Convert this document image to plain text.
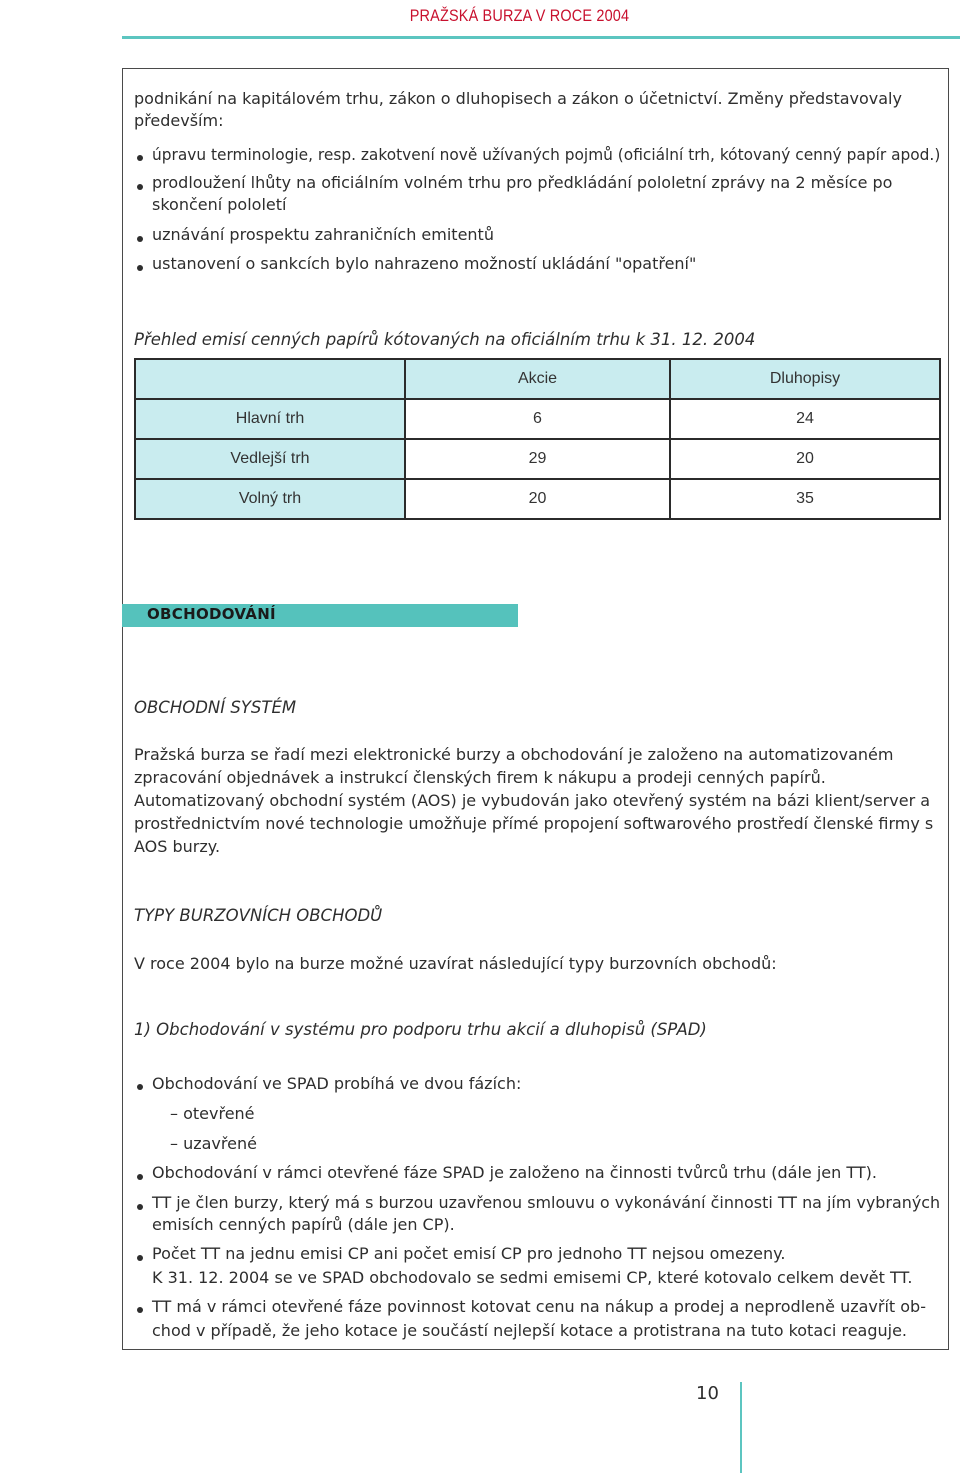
PRAŽSKÁ BURZA V ROCE 2004
podnikání na kapitálovém trhu, zákon o dluhopisech a zákon o účetnictví. Změny představovaly
především:
úpravu terminologie, resp. zakotvení nově užívaných pojmů (oficiální trh, kótovaný cenný papír apod.)
prodloužení lhůty na oficiálním volném trhu pro předkládání pololetní zprávy na 2 měsíce po
skončení pololetí
uznávání prospektu zahraničních emitentů
ustanovení o sankcích bylo nahrazeno možností ukládání "opatření"
Přehled emisí cenných papírů kótovaných na oficiálním trhu k 31. 12. 2004
	Akcie	Dluhopisy
Hlavní trh	6	24
Vedlejší trh	29	20
Volný trh	20	35
OBCHODOVÁNÍ
OBCHODNÍ SYSTÉM
Pražská burza se řadí mezi elektronické burzy a obchodování je založeno na automatizovaném
zpracování objednávek a instrukcí členských firem k nákupu a prodeji cenných papírů.
Automatizovaný obchodní systém (AOS) je vybudován jako otevřený systém na bázi klient/server a
prostřednictvím nové technologie umožňuje přímé propojení softwarového prostředí členské firmy s
AOS burzy.
TYPY BURZOVNÍCH OBCHODŮ
V roce 2004 bylo na burze možné uzavírat následující typy burzovních obchodů:
1) Obchodování v systému pro podporu trhu akcií a dluhopisů (SPAD)
Obchodování ve SPAD probíhá ve dvou fázích:
– otevřené
– uzavřené
Obchodování v rámci otevřené fáze SPAD je založeno na činnosti tvůrců trhu (dále jen TT).
TT je člen burzy, který má s burzou uzavřenou smlouvu o vykonávání činnosti TT na jím vybraných
emisích cenných papírů (dále jen CP).
Počet TT na jednu emisi CP ani počet emisí CP pro jednoho TT nejsou omezeny.
K 31. 12. 2004 se ve SPAD obchodovalo se sedmi emisemi CP, které kotovalo celkem devět TT.
TT má v rámci otevřené fáze povinnost kotovat cenu na nákup a prodej a neprodleně uzavřít ob-
chod v případě, že jeho kotace je součástí nejlepší kotace a protistrana na tuto kotaci reaguje.
10
